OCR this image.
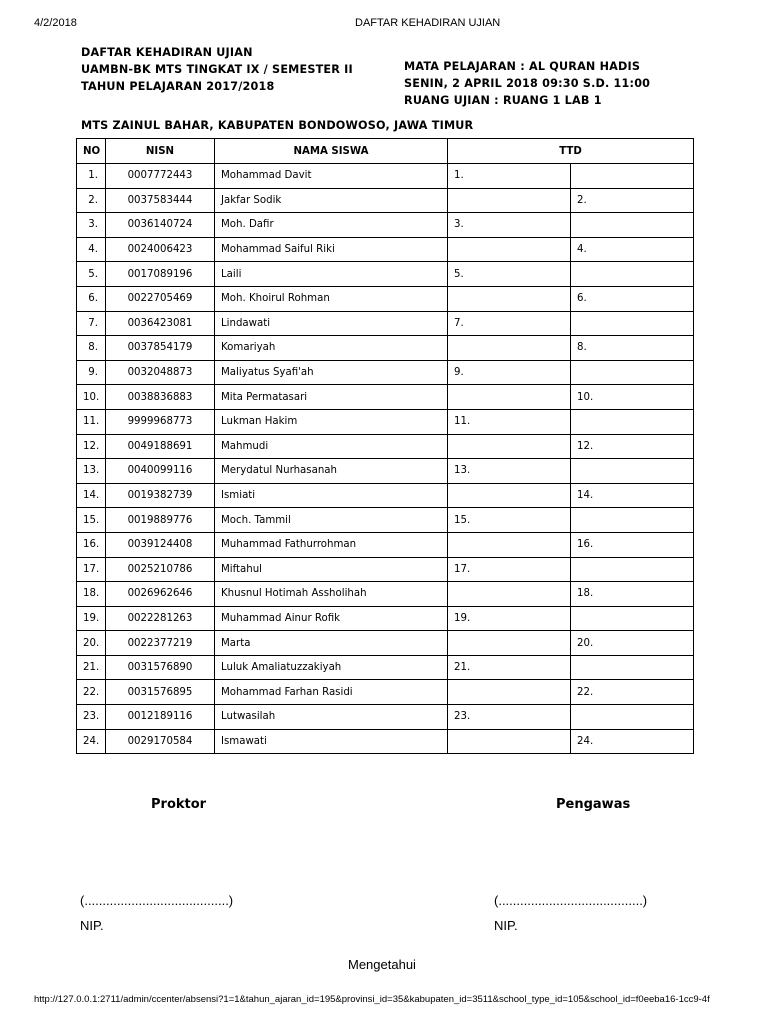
4/2/2018	DAFTAR KEHADIRAN UJIAN
DAFTAR KEHADIRAN UJIAN
UAMBN-BK MTS TINGKAT IX / SEMESTER II
TAHUN PELAJARAN 2017/2018
MATA PELAJARAN : AL QURAN HADIS
SENIN, 2 APRIL 2018 09:30 S.D. 11:00
RUANG UJIAN : RUANG 1 LAB 1
MTS ZAINUL BAHAR, KABUPATEN BONDOWOSO, JAWA TIMUR
NO	NISN	NAMA SISWA	TTD	
1.	0007772443	Mohammad Davit	1.	
2.	0037583444	Jakfar Sodik		2.
3.	0036140724	Moh. Dafir	3.	
4.	0024006423	Mohammad Saiful Riki		4.
5.	0017089196	Laili	5.	
6.	0022705469	Moh. Khoirul Rohman		6.
7.	0036423081	Lindawati	7.	
8.	0037854179	Komariyah		8.
9.	0032048873	Maliyatus Syafi'ah	9.	
10.	0038836883	Mita Permatasari		10.
11.	9999968773	Lukman Hakim	11.	
12.	0049188691	Mahmudi		12.
13.	0040099116	Merydatul Nurhasanah	13.	
14.	0019382739	Ismiati		14.
15.	0019889776	Moch. Tammil	15.	
16.	0039124408	Muhammad Fathurrohman		16.
17.	0025210786	Miftahul	17.	
18.	0026962646	Khusnul Hotimah Assholihah		18.
19.	0022281263	Muhammad Ainur Rofik	19.	
20.	0022377219	Marta		20.
21.	0031576890	Luluk Amaliatuzzakiyah	21.	
22.	0031576895	Mohammad Farhan Rasidi		22.
23.	0012189116	Lutwasilah	23.	
24.	0029170584	Ismawati		24.
Proktor	Pengawas
(........................................)	(........................................)
NIP.	NIP.
Mengetahui
http://127.0.0.1:2711/admin/ccenter/absensi?1=1&tahun_ajaran_id=195&provinsi_id=35&kabupaten_id=3511&school_type_id=105&school_id=f0eeba16-1cc9-4f
